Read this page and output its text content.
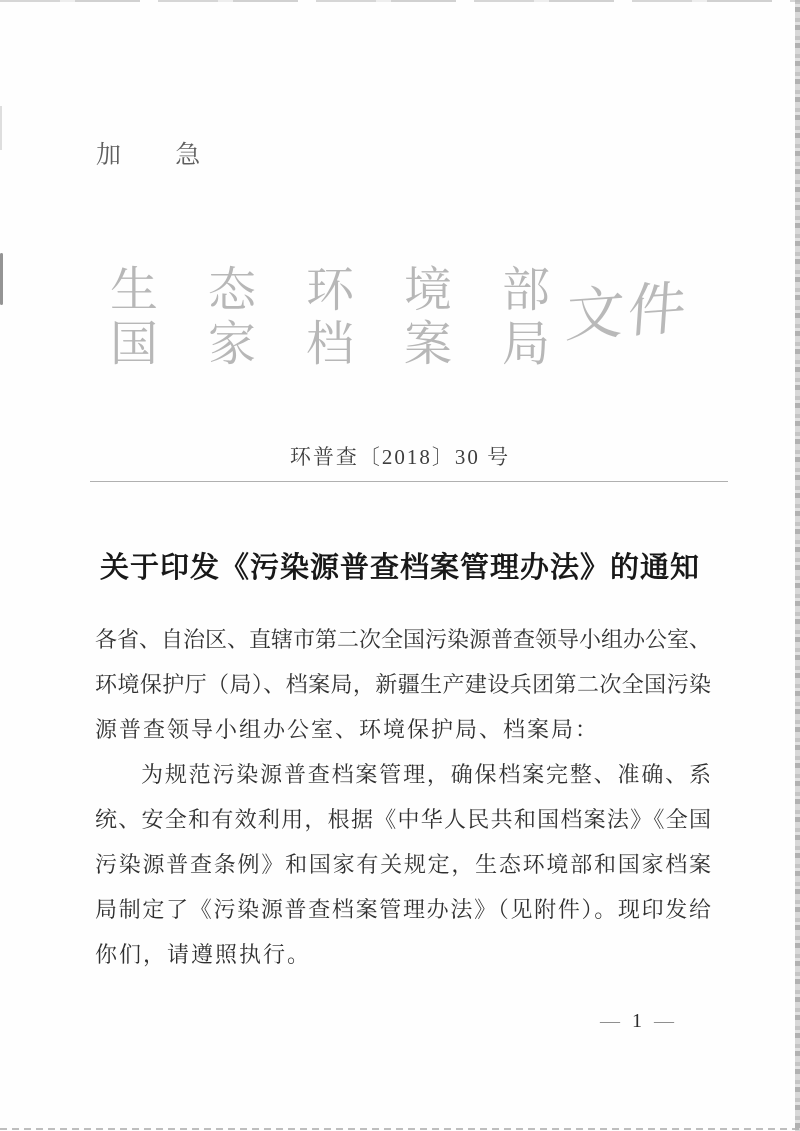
加 急
生态环境部
国家档案局
文件
环普查〔2018〕30 号
关于印发《污染源普查档案管理办法》的通知
各省、自治区、直辖市第二次全国污染源普查领导小组办公室、
环境保护厅（局）、档案局，新疆生产建设兵团第二次全国污染
源普查领导小组办公室、环境保护局、档案局：
为规范污染源普查档案管理，确保档案完整、准确、系
统、安全和有效利用，根据《中华人民共和国档案法》《全国
污染源普查条例》和国家有关规定，生态环境部和国家档案
局制定了《污染源普查档案管理办法》（见附件）。现印发给
你们，请遵照执行。
— 1 —
